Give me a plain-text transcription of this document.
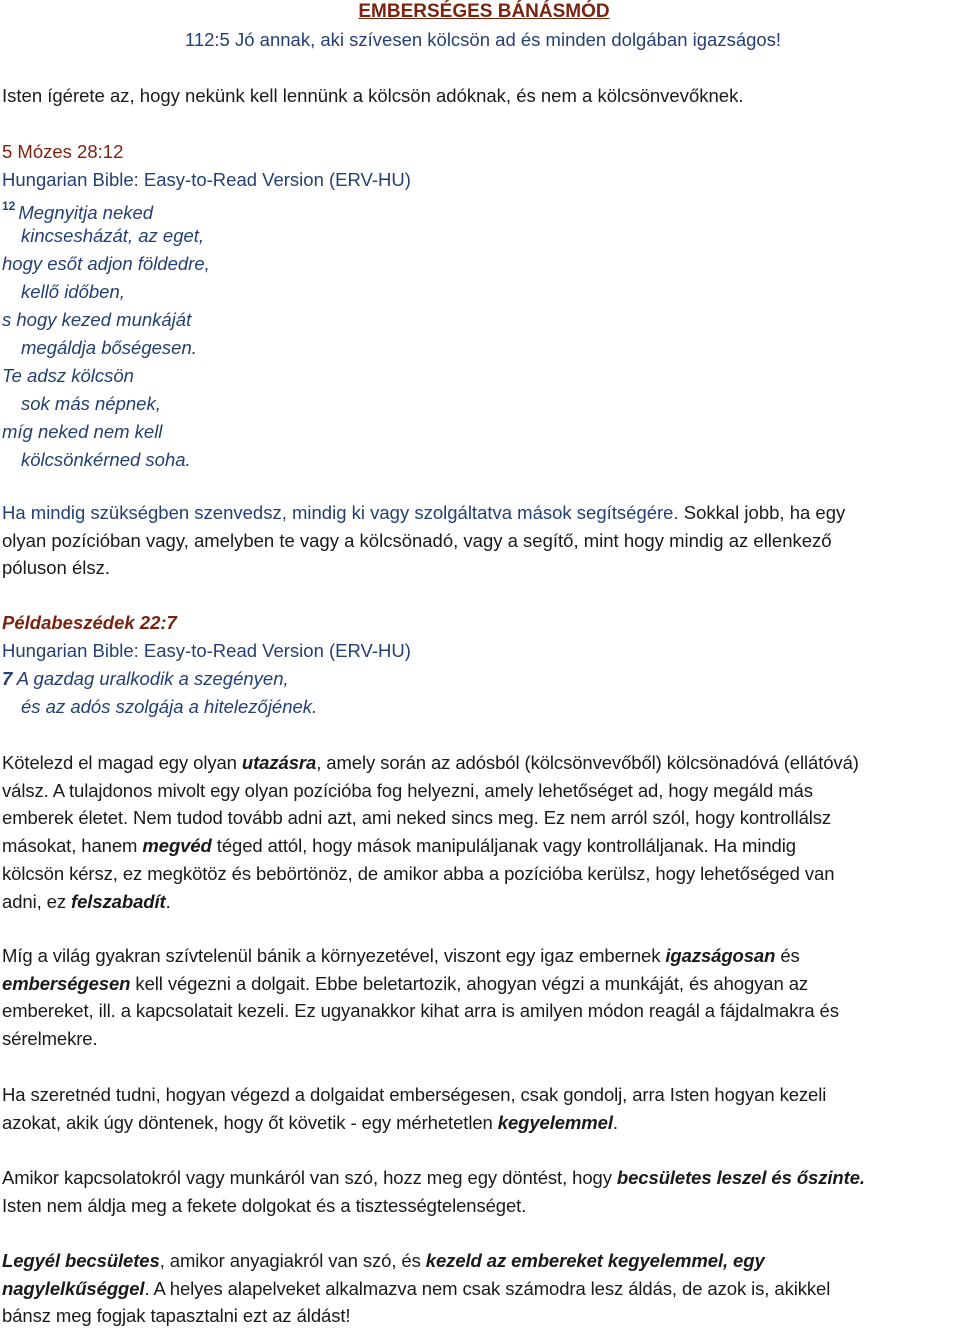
EMBERSÉGES BÁNÁSMÓD
112:5 Jó annak, aki szívesen kölcsön ad és minden dolgában igazságos!
Isten ígérete az, hogy nekünk kell lennünk a kölcsön adóknak, és nem a kölcsönvevőknek.
5 Mózes 28:12
Hungarian Bible: Easy-to-Read Version (ERV-HU)
$^{12}$ Megnyitja neked
kincsesházát, az eget,
hogy esőt adjon földedre,
kellő időben,
s hogy kezed munkáját
megáldja bőségesen.
Te adsz kölcsön
sok más népnek,
míg neked nem kell
kölcsönkérned soha.
Ha mindig szükségben szenvedsz, mindig ki vagy szolgáltatva mások segítségére. Sokkal jobb, ha egy
olyan pozícióban vagy, amelyben te vagy a kölcsönadó, vagy a segítő, mint hogy mindig az ellenkező
póluson élsz.
Példabeszédek 22:7
Hungarian Bible: Easy-to-Read Version (ERV-HU)
7 A gazdag uralkodik a szegényen,
és az adós szolgája a hitelezőjének.
Kötelezd el magad egy olyan utazásra, amely során az adósból (kölcsönvevőből) kölcsönadóvá (ellátóvá)
válsz. A tulajdonos mivolt egy olyan pozícióba fog helyezni, amely lehetőséget ad, hogy megáld más
emberek életet. Nem tudod tovább adni azt, ami neked sincs meg. Ez nem arról szól, hogy kontrollálsz
másokat, hanem megvéd téged attól, hogy mások manipuláljanak vagy kontrolláljanak. Ha mindig
kölcsön kérsz, ez megkötöz és bebörtönöz, de amikor abba a pozícióba kerülsz, hogy lehetőséged van
adni, ez felszabadít.
Míg a világ gyakran szívtelenül bánik a környezetével, viszont egy igaz embernek igazságosan és
emberségesen kell végezni a dolgait. Ebbe beletartozik, ahogyan végzi a munkáját, és ahogyan az
embereket, ill. a kapcsolatait kezeli. Ez ugyanakkor kihat arra is amilyen módon reagál a fájdalmakra és
sérelmekre.
Ha szeretnéd tudni, hogyan végezd a dolgaidat emberségesen, csak gondolj, arra Isten hogyan kezeli
azokat, akik úgy döntenek, hogy őt követik - egy mérhetetlen kegyelemmel.
Amikor kapcsolatokról vagy munkáról van szó, hozz meg egy döntést, hogy becsületes leszel és őszinte.
Isten nem áldja meg a fekete dolgokat és a tisztességtelenséget.
Legyél becsületes, amikor anyagiakról van szó, és kezeld az embereket kegyelemmel, egy
nagylelkűséggel. A helyes alapelveket alkalmazva nem csak számodra lesz áldás, de azok is, akikkel
bánsz meg fogjak tapasztalni ezt az áldást!
